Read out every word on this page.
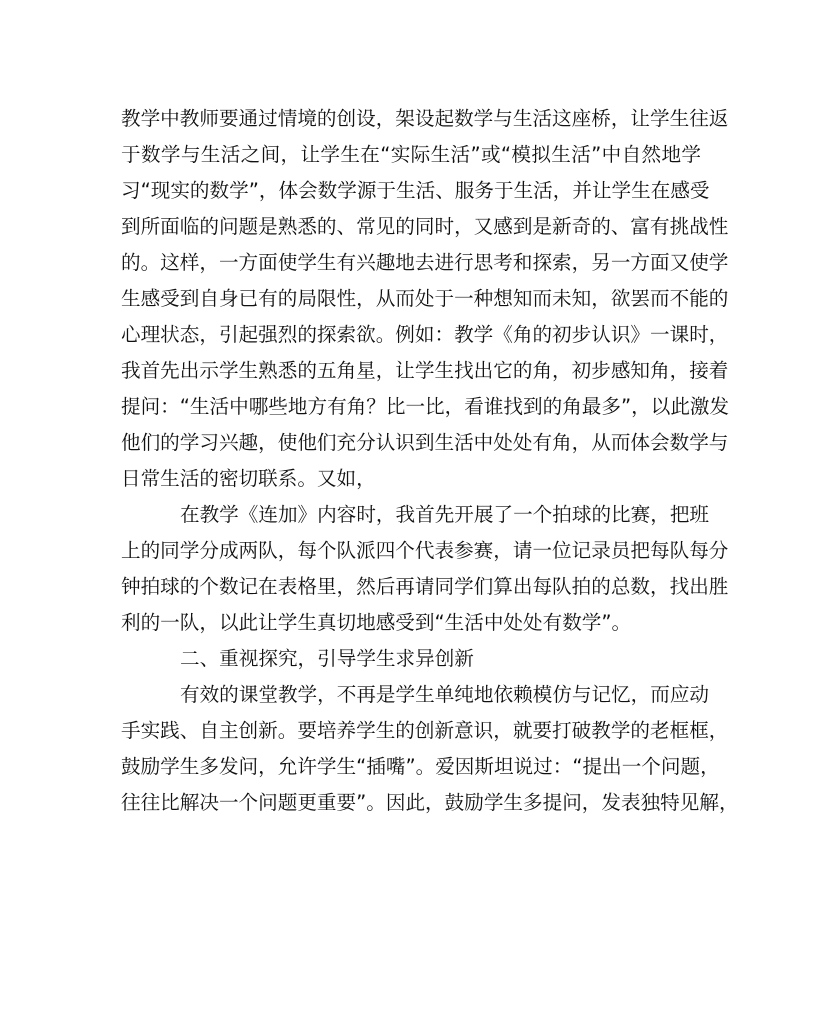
教学中教师要通过情境的创设，架设起数学与生活这座桥，让学生往返
于数学与生活之间，让学生在“实际生活”或“模拟生活”中自然地学
习“现实的数学”，体会数学源于生活、服务于生活，并让学生在感受
到所面临的问题是熟悉的、常见的同时，又感到是新奇的、富有挑战性
的。这样，一方面使学生有兴趣地去进行思考和探索，另一方面又使学
生感受到自身已有的局限性，从而处于一种想知而未知，欲罢而不能的
心理状态，引起强烈的探索欲。例如：教学《角的初步认识》一课时，
我首先出示学生熟悉的五角星，让学生找出它的角，初步感知角，接着
提问：“生活中哪些地方有角？比一比，看谁找到的角最多”，以此激发
他们的学习兴趣，使他们充分认识到生活中处处有角，从而体会数学与
日常生活的密切联系。又如，
在教学《连加》内容时，我首先开展了一个拍球的比赛，把班
上的同学分成两队，每个队派四个代表参赛，请一位记录员把每队每分
钟拍球的个数记在表格里，然后再请同学们算出每队拍的总数，找出胜
利的一队，以此让学生真切地感受到“生活中处处有数学”。
二、重视探究，引导学生求异创新
有效的课堂教学，不再是学生单纯地依赖模仿与记忆，而应动
手实践、自主创新。要培养学生的创新意识，就要打破教学的老框框，
鼓励学生多发问，允许学生“插嘴”。爱因斯坦说过：“提出一个问题，
往往比解决一个问题更重要”。因此，鼓励学生多提问，发表独特见解，
